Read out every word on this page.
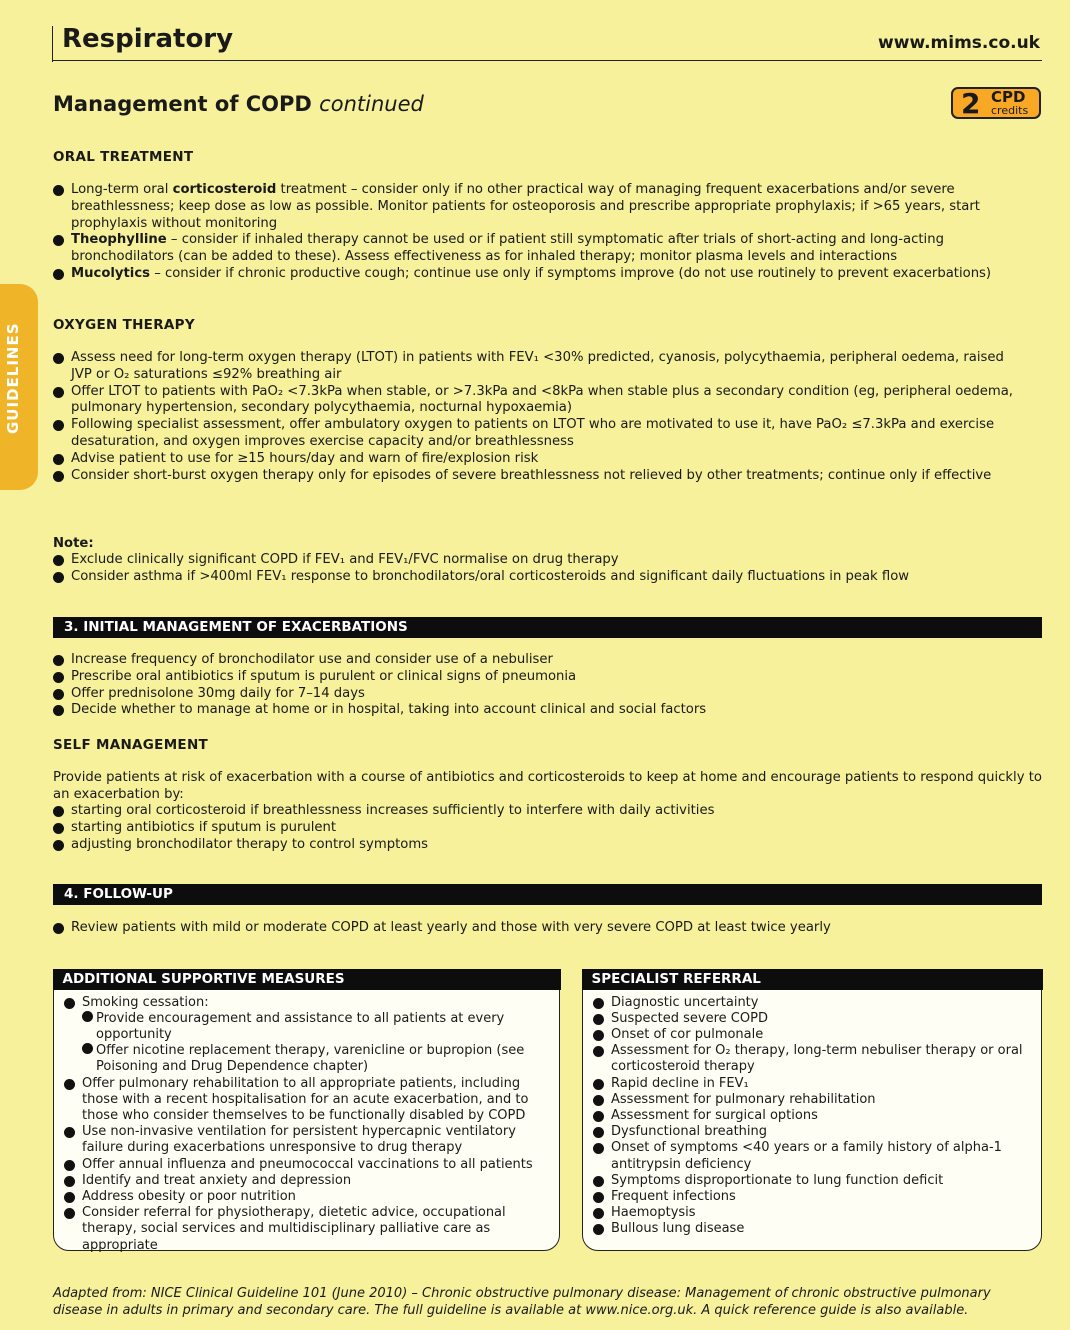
Respiratory	www.mims.co.uk
Management of COPD continued	2 CPD
credits
GUIDELINES
ORAL TREATMENT
Long-term oral corticosteroid treatment – consider only if no other practical way of managing frequent exacerbations and/or severe breathlessness; keep dose as low as possible. Monitor patients for osteoporosis and prescribe appropriate prophylaxis; if >65 years, start prophylaxis without monitoring
Theophylline – consider if inhaled therapy cannot be used or if patient still symptomatic after trials of short-acting and long-acting bronchodilators (can be added to these). Assess effectiveness as for inhaled therapy; monitor plasma levels and interactions
Mucolytics – consider if chronic productive cough; continue use only if symptoms improve (do not use routinely to prevent exacerbations)
OXYGEN THERAPY
Assess need for long-term oxygen therapy (LTOT) in patients with FEV₁ <30% predicted, cyanosis, polycythaemia, peripheral oedema, raised JVP or O₂ saturations ≤92% breathing air
Offer LTOT to patients with PaO₂ <7.3kPa when stable, or >7.3kPa and <8kPa when stable plus a secondary condition (eg, peripheral oedema, pulmonary hypertension, secondary polycythaemia, nocturnal hypoxaemia)
Following specialist assessment, offer ambulatory oxygen to patients on LTOT who are motivated to use it, have PaO₂ ≤7.3kPa and exercise desaturation, and oxygen improves exercise capacity and/or breathlessness
Advise patient to use for ≥15 hours/day and warn of fire/explosion risk
Consider short-burst oxygen therapy only for episodes of severe breathlessness not relieved by other treatments; continue only if effective
Note:
Exclude clinically significant COPD if FEV₁ and FEV₁/FVC normalise on drug therapy
Consider asthma if >400ml FEV₁ response to bronchodilators/oral corticosteroids and significant daily fluctuations in peak flow
3. INITIAL MANAGEMENT OF EXACERBATIONS
Increase frequency of bronchodilator use and consider use of a nebuliser
Prescribe oral antibiotics if sputum is purulent or clinical signs of pneumonia
Offer prednisolone 30mg daily for 7–14 days
Decide whether to manage at home or in hospital, taking into account clinical and social factors
SELF MANAGEMENT
Provide patients at risk of exacerbation with a course of antibiotics and corticosteroids to keep at home and encourage patients to respond quickly to an exacerbation by:
starting oral corticosteroid if breathlessness increases sufficiently to interfere with daily activities
starting antibiotics if sputum is purulent
adjusting bronchodilator therapy to control symptoms
4. FOLLOW-UP
Review patients with mild or moderate COPD at least yearly and those with very severe COPD at least twice yearly
ADDITIONAL SUPPORTIVE MEASURES
Smoking cessation:
– Provide encouragement and assistance to all patients at every opportunity
– Offer nicotine replacement therapy, varenicline or bupropion (see Poisoning and Drug Dependence chapter)
Offer pulmonary rehabilitation to all appropriate patients, including those with a recent hospitalisation for an acute exacerbation, and to those who consider themselves to be functionally disabled by COPD
Use non-invasive ventilation for persistent hypercapnic ventilatory failure during exacerbations unresponsive to drug therapy
Offer annual influenza and pneumococcal vaccinations to all patients
Identify and treat anxiety and depression
Address obesity or poor nutrition
Consider referral for physiotherapy, dietetic advice, occupational therapy, social services and multidisciplinary palliative care as appropriate
SPECIALIST REFERRAL
Diagnostic uncertainty
Suspected severe COPD
Onset of cor pulmonale
Assessment for O₂ therapy, long-term nebuliser therapy or oral corticosteroid therapy
Rapid decline in FEV₁
Assessment for pulmonary rehabilitation
Assessment for surgical options
Dysfunctional breathing
Onset of symptoms <40 years or a family history of alpha-1 antitrypsin deficiency
Symptoms disproportionate to lung function deficit
Frequent infections
Haemoptysis
Bullous lung disease
Adapted from: NICE Clinical Guideline 101 (June 2010) – Chronic obstructive pulmonary disease: Management of chronic obstructive pulmonary disease in adults in primary and secondary care. The full guideline is available at www.nice.org.uk. A quick reference guide is also available.
